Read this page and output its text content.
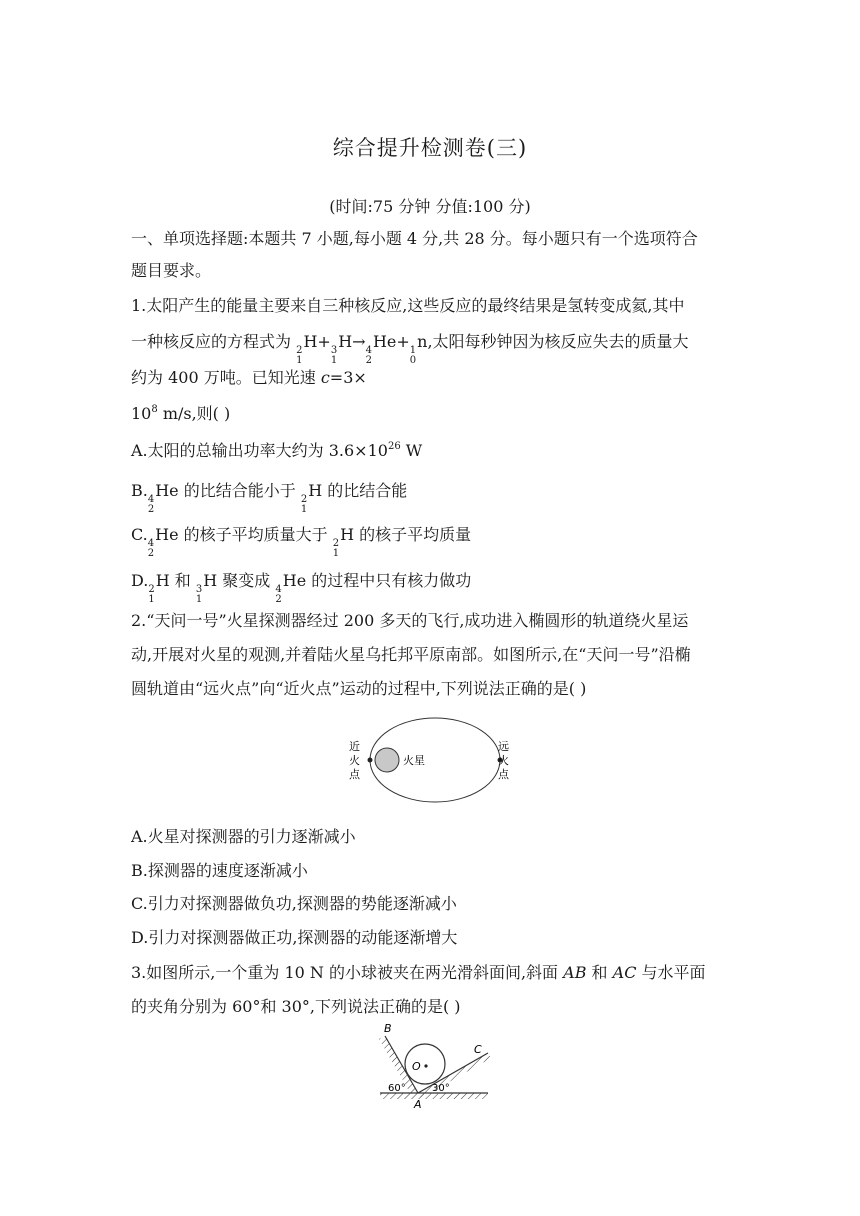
综合提升检测卷(三)
(时间:75 分钟 分值:100 分)
一、单项选择题:本题共 7 小题,每小题 4 分,共 28 分。每小题只有一个选项符合
题目要求。
1.太阳产生的能量主要来自三种核反应,这些反应的最终结果是氢转变成氦,其中
一种核反应的方程式为 2
1
H+ 3
1
H→ 4
2
He+ 1
0
n,太阳每秒钟因为核反应失去的质量大
约为 400 万吨。已知光速 c=3×
$10^8$ m/s,则( )
A.太阳的总输出功率大约为 $3.6\times 10^{26}$ W
B. 4
2
He 的比结合能小于 2
1
H 的比结合能
C. 4
2
He 的核子平均质量大于 2
1
H 的核子平均质量
D. 2
1
H 和 3
1
H 聚变成 4
2
He 的过程中只有核力做功
2.“天问一号”火星探测器经过 200 多天的飞行,成功进入椭圆形的轨道绕火星运
动,开展对火星的观测,并着陆火星乌托邦平原南部。如图所示,在“天问一号”沿椭
圆轨道由“远火点”向“近火点”运动的过程中,下列说法正确的是( )
近
火
点
火星
远
火
点
A.火星对探测器的引力逐渐减小
B.探测器的速度逐渐减小
C.引力对探测器做负功,探测器的势能逐渐减小
D.引力对探测器做正功,探测器的动能逐渐增大
3.如图所示,一个重为 10 N 的小球被夹在两光滑斜面间,斜面 AB 和 AC 与水平面
的夹角分别为 60°和 30°,下列说法正确的是( )
O
B
C
A
60°	30°
